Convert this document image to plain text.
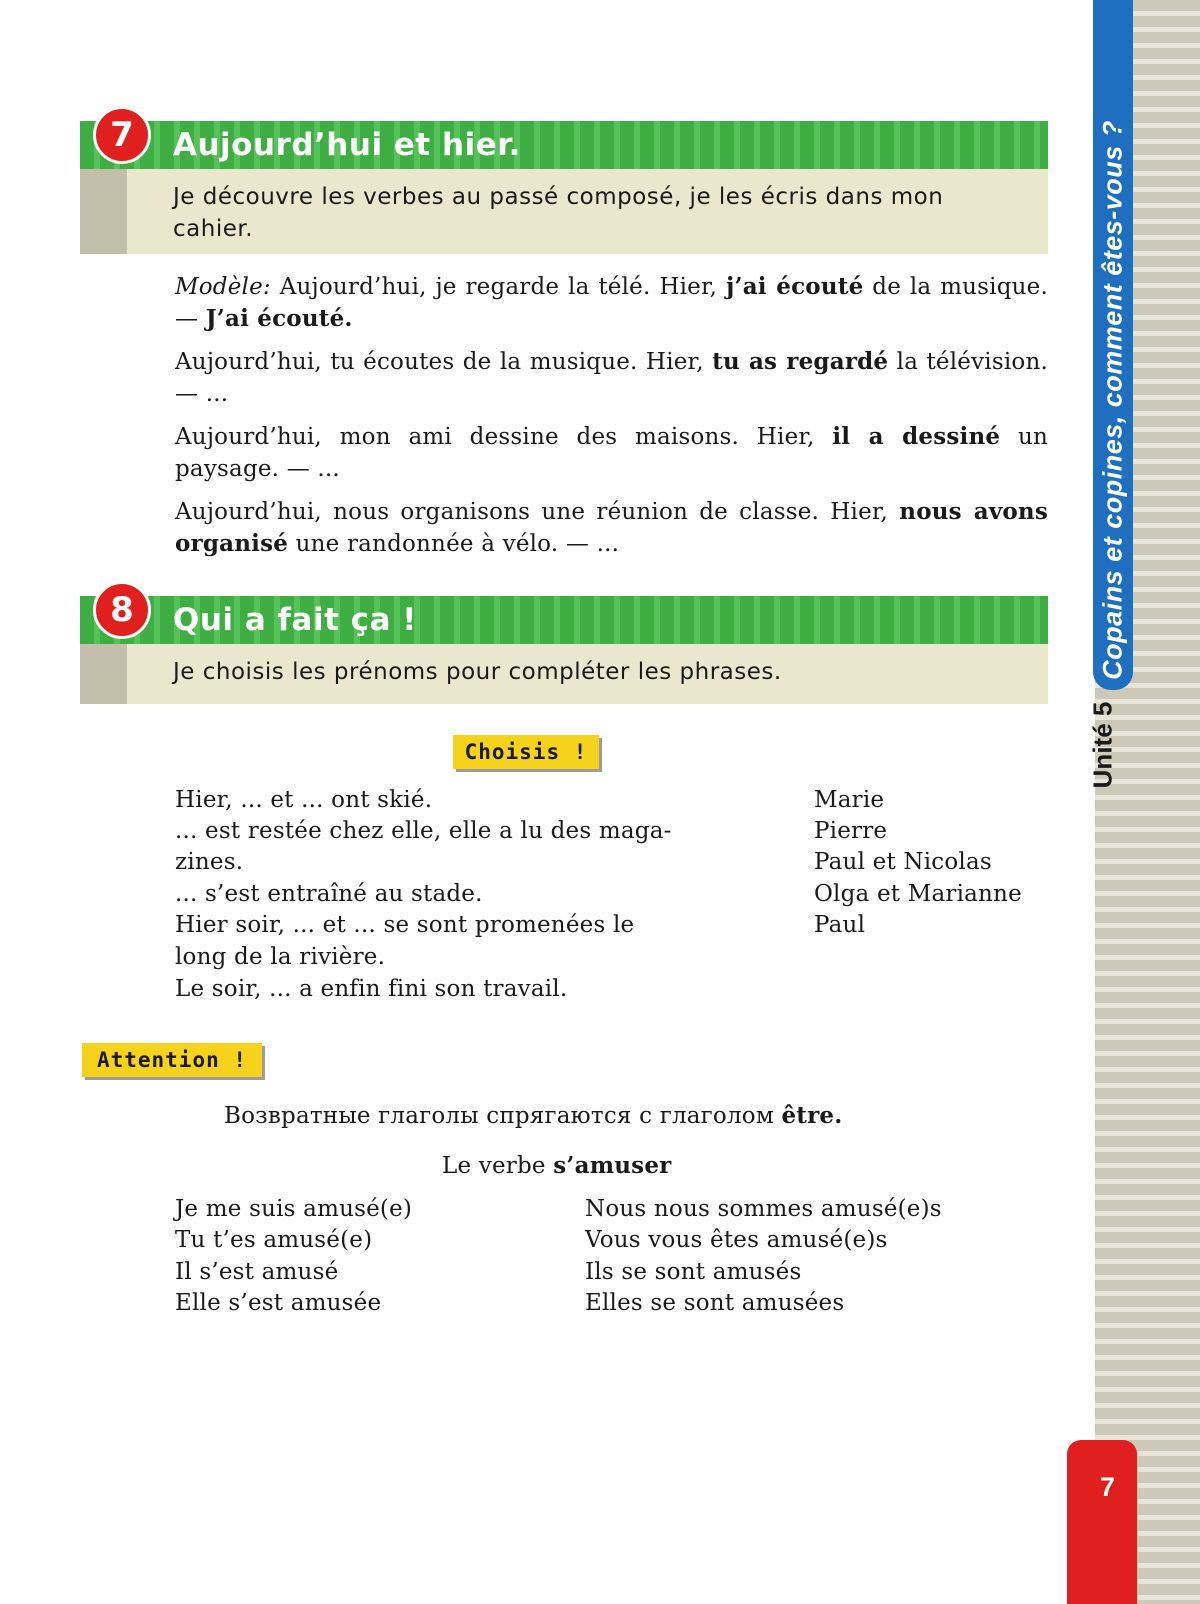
Copains et copines, comment êtes-vous ?
Unité 5
7
Aujourd’hui et hier.
7
Je découvre les verbes au passé composé, je les écris dans mon cahier.
Modèle: Aujourd’hui, je regarde la télé. Hier, j’ai écouté de la musique. — J’ai écouté.
Aujourd’hui, tu écoutes de la musique. Hier, tu as regardé la télévision. — ...
Aujourd’hui, mon ami dessine des maisons. Hier, il a dessiné un paysage. — ...
Aujourd’hui, nous organisons une réunion de classe. Hier, nous avons organisé une randonnée à vélo. — ...
Qui a fait ça !
8
Je choisis les prénoms pour compléter les phrases.
Choisis !
Hier, ... et ... ont skié.
... est restée chez elle, elle a lu des maga-
zines.
... s’est entraîné au stade.
Hier soir, ... et ... se sont promenées le
long de la rivière.
Le soir, ... a enfin fini son travail.
Marie
Pierre
Paul et Nicolas
Olga et Marianne
Paul
Attention !
Возвратные глаголы спрягаются с глаголом être.
Le verbe s’amuser
Je me suis amusé(e)
Tu t’es amusé(e)
Il s’est amusé
Elle s’est amusée
Nous nous sommes amusé(e)s
Vous vous êtes amusé(e)s
Ils se sont amusés
Elles se sont amusées
